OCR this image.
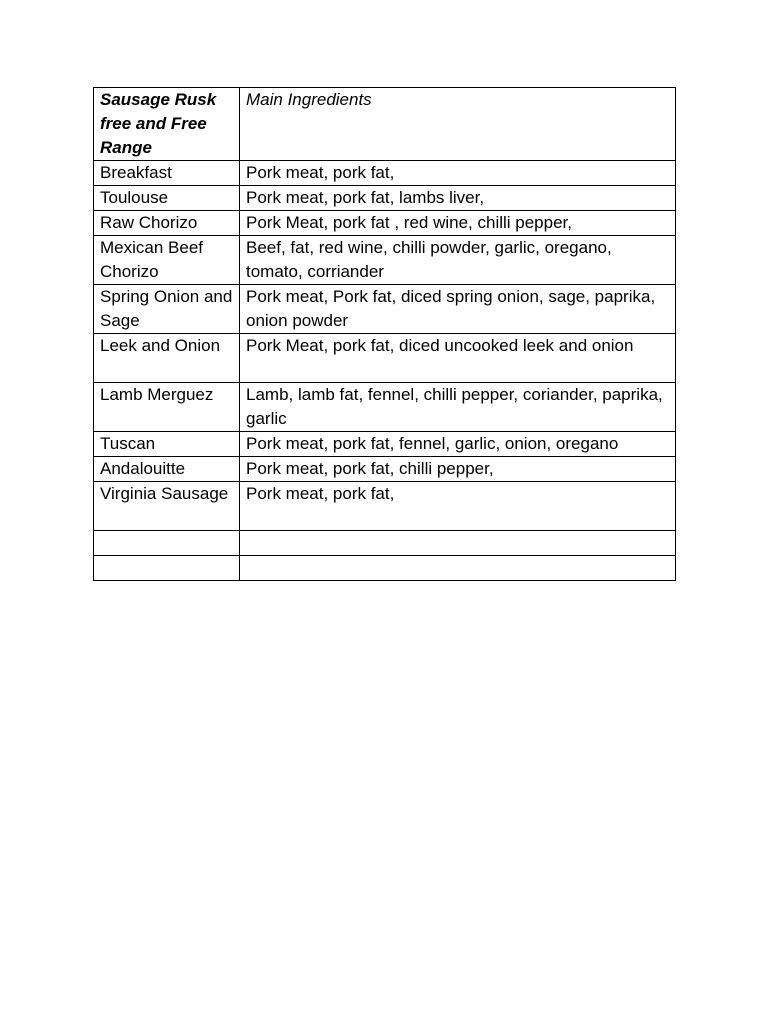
Sausage Rusk free and Free Range	Main Ingredients
Breakfast	Pork meat, pork fat,
Toulouse	Pork meat, pork fat, lambs liver,
Raw Chorizo	Pork Meat, pork fat , red wine, chilli pepper,
Mexican Beef Chorizo	Beef, fat, red wine, chilli powder, garlic, oregano, tomato, corriander
Spring Onion and Sage	Pork meat, Pork fat, diced spring onion, sage, paprika, onion powder
Leek and Onion	Pork Meat, pork fat, diced uncooked leek and onion
Lamb Merguez	Lamb, lamb fat, fennel, chilli pepper, coriander, paprika, garlic
Tuscan	Pork meat, pork fat, fennel, garlic, onion, oregano
Andalouitte	Pork meat, pork fat, chilli pepper,
Virginia Sausage	Pork meat, pork fat,
